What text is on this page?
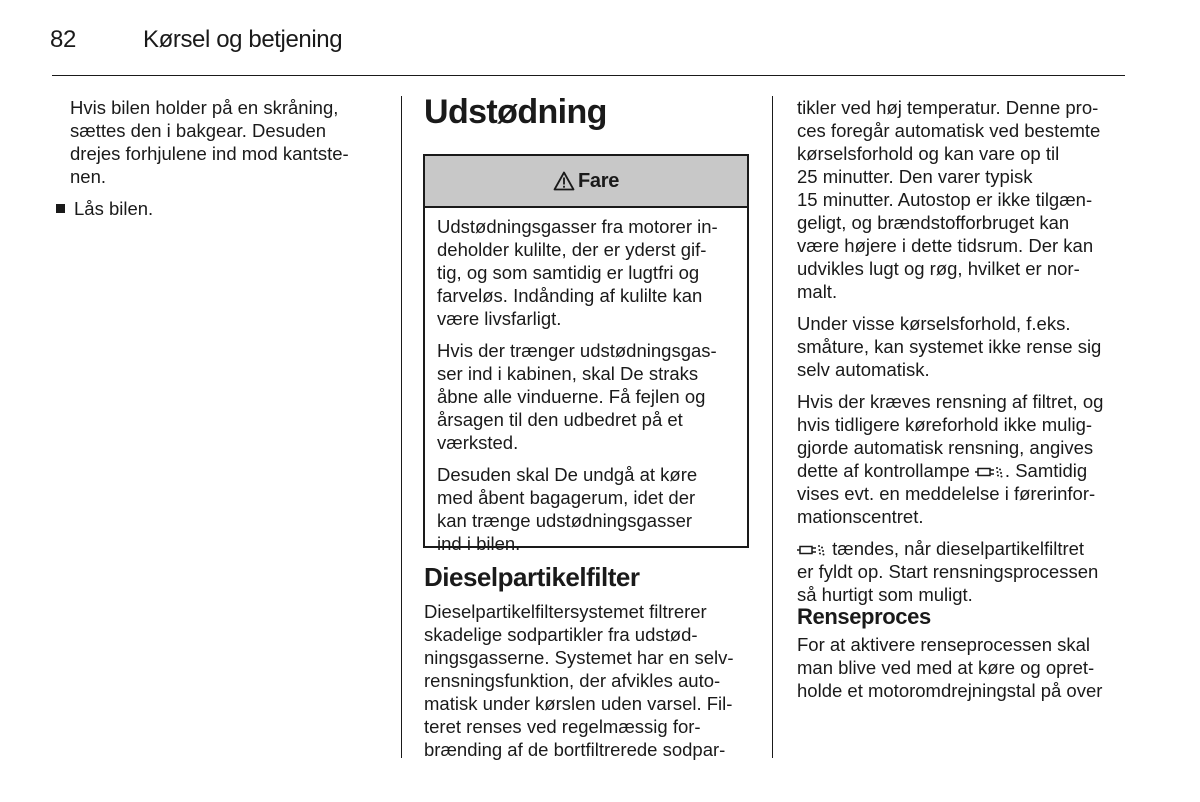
82	Kørsel og betjening

Hvis bilen holder på en skråning,
sættes den i bakgear. Desuden
drejes forhjulene ind mod kantste-
nen.

Lås bilen.
Udstødning
Fare

Udstødningsgasser fra motorer in-
deholder kulilte, der er yderst gif-
tig, og som samtidig er lugtfri og
farveløs. Indånding af kulilte kan
være livsfarligt.

Hvis der trænger udstødningsgas-
ser ind i kabinen, skal De straks
åbne alle vinduerne. Få fejlen og
årsagen til den udbedret på et
værksted.

Desuden skal De undgå at køre
med åbent bagagerum, idet der
kan trænge udstødningsgasser
ind i bilen.

Dieselpartikelfilter
Dieselpartikelfiltersystemet filtrerer
skadelige sodpartikler fra udstød-
ningsgasserne. Systemet har en selv-
rensningsfunktion, der afvikles auto-
matisk under kørslen uden varsel. Fil-
teret renses ved regelmæssig for-
brænding af de bortfiltrerede sodpar-

tikler ved høj temperatur. Denne pro-
ces foregår automatisk ved bestemte
kørselsforhold og kan vare op til
25 minutter. Den varer typisk
15 minutter. Autostop er ikke tilgæn-
geligt, og brændstofforbruget kan
være højere i dette tidsrum. Der kan
udvikles lugt og røg, hvilket er nor-
malt.

Under visse kørselsforhold, f.eks.
småture, kan systemet ikke rense sig
selv automatisk.

Hvis der kræves rensning af filtret, og
hvis tidligere køreforhold ikke mulig-
gjorde automatisk rensning, angives
dette af kontrollampe . Samtidig
vises evt. en meddelelse i førerinfor-
mationscentret.

tændes, når dieselpartikelfiltret
er fyldt op. Start rensningsprocessen
så hurtigt som muligt.

Renseproces
For at aktivere renseprocessen skal
man blive ved med at køre og opret-
holde et motoromdrejningstal på over
